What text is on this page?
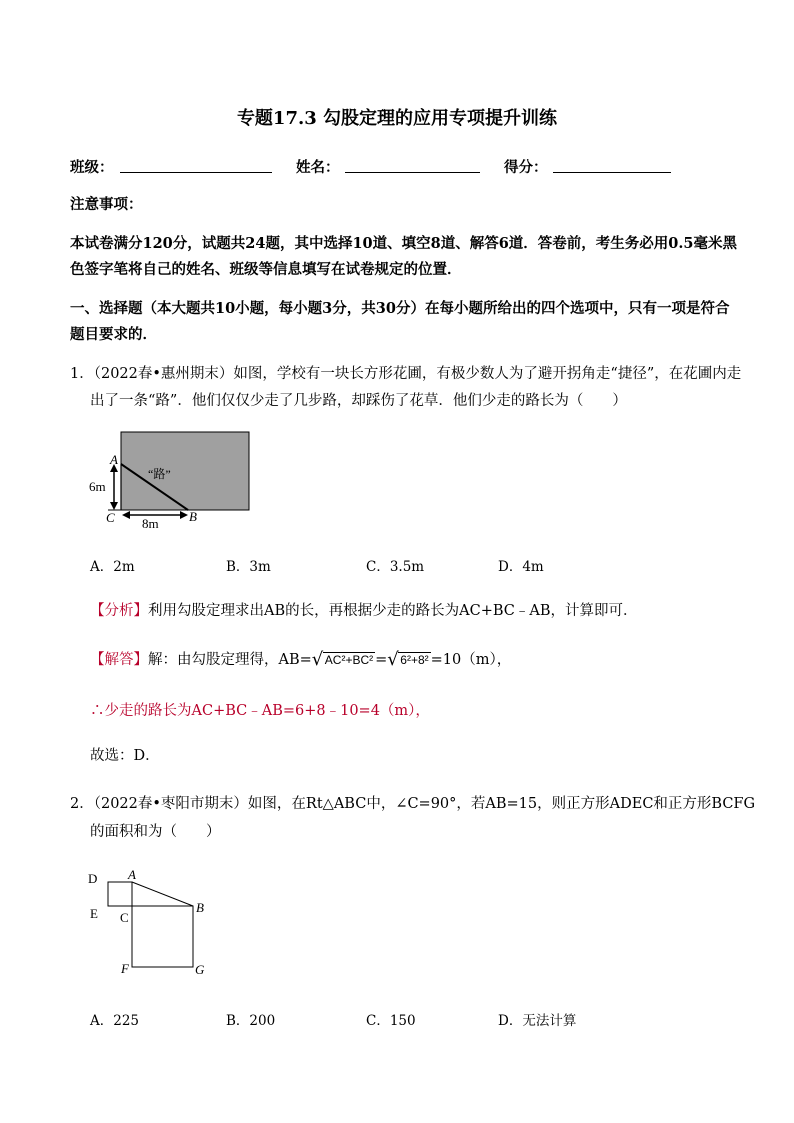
专题17.3 勾股定理的应用专项提升训练
班级：	姓名：	得分：
注意事项：
本试卷满分120分，试题共24题，其中选择10道、填空8道、解答6道．答卷前，考生务必用0.5毫米黑
色签字笔将自己的姓名、班级等信息填写在试卷规定的位置．
一、选择题（本大题共10小题，每小题3分，共30分）在每小题所给出的四个选项中，只有一项是符合
题目要求的．
1．（2022春•惠州期末）如图，学校有一块长方形花圃，有极少数人为了避开拐角走“捷径”，在花圃内走
出了一条“路”．他们仅仅少走了几步路，却踩伤了花草．他们少走的路长为（　　）
A
B
C
“路”
6m
8m
A．2m	B．3m	C．3.5m	D．4m
【分析】利用勾股定理求出AB的长，再根据少走的路长为AC+BC﹣AB，计算即可．
【解答】解：由勾股定理得，AB= √ AC²+BC² = √ 6²+8² =10（m），
∴少走的路长为AC+BC﹣AB=6+8﹣10=4（m），
故选：D．
2．（2022春•枣阳市期末）如图，在Rt△ABC中，∠C=90°，若AB=15，则正方形ADEC和正方形BCFG
的面积和为（　　）
D A
E C
B
F	G
A．225	B．200	C．150	D．无法计算
